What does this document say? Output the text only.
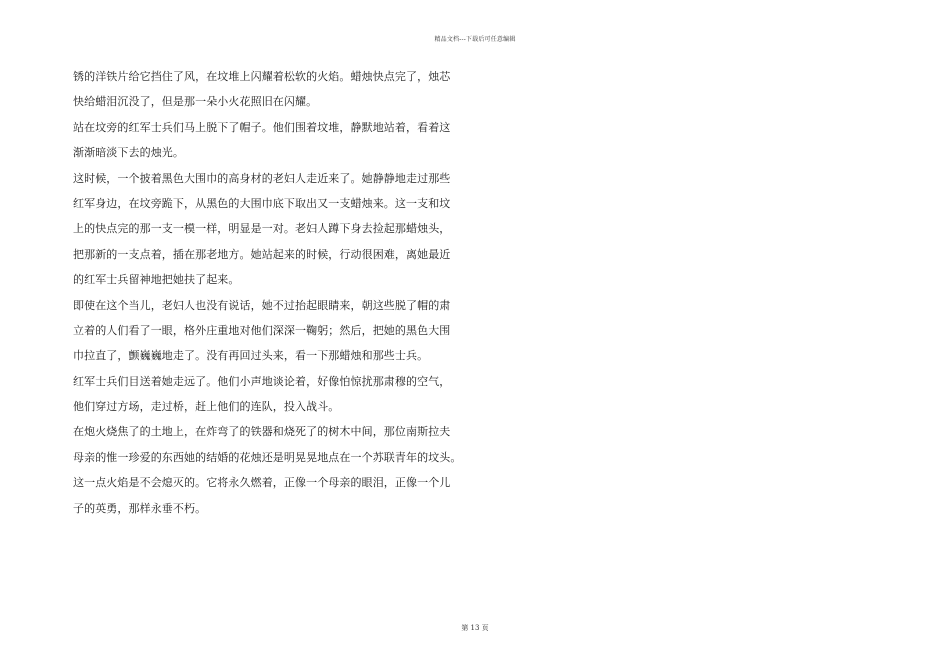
精品文档---下载后可任意编辑
锈的洋铁片给它挡住了风，在坟堆上闪耀着松软的火焰。蜡烛快点完了，烛芯
快给蜡泪沉没了，但是那一朵小火花照旧在闪耀。
站在坟旁的红军士兵们马上脱下了帽子。他们围着坟堆，静默地站着，看着这
渐渐暗淡下去的烛光。
这时候，一个披着黑色大围巾的高身材的老妇人走近来了。她静静地走过那些
红军身边，在坟旁跪下，从黑色的大围巾底下取出又一支蜡烛来。这一支和坟
上的快点完的那一支一模一样，明显是一对。老妇人蹲下身去捡起那蜡烛头，
把那新的一支点着，插在那老地方。她站起来的时候，行动很困难，离她最近
的红军士兵留神地把她扶了起来。
即使在这个当儿，老妇人也没有说话，她不过抬起眼睛来，朝这些脱了帽的肃
立着的人们看了一眼，格外庄重地对他们深深一鞠躬；然后，把她的黑色大围
巾拉直了，颤巍巍地走了。没有再回过头来，看一下那蜡烛和那些士兵。
红军士兵们目送着她走远了。他们小声地谈论着，好像怕惊扰那肃穆的空气，
他们穿过方场，走过桥，赶上他们的连队，投入战斗。
在炮火烧焦了的土地上，在炸弯了的铁器和烧死了的树木中间，那位南斯拉夫
母亲的惟一珍爱的东西她的结婚的花烛还是明晃晃地点在一个苏联青年的坟头。
这一点火焰是不会熄灭的。它将永久燃着，正像一个母亲的眼泪，正像一个儿
子的英勇，那样永垂不朽。
第 13 页
